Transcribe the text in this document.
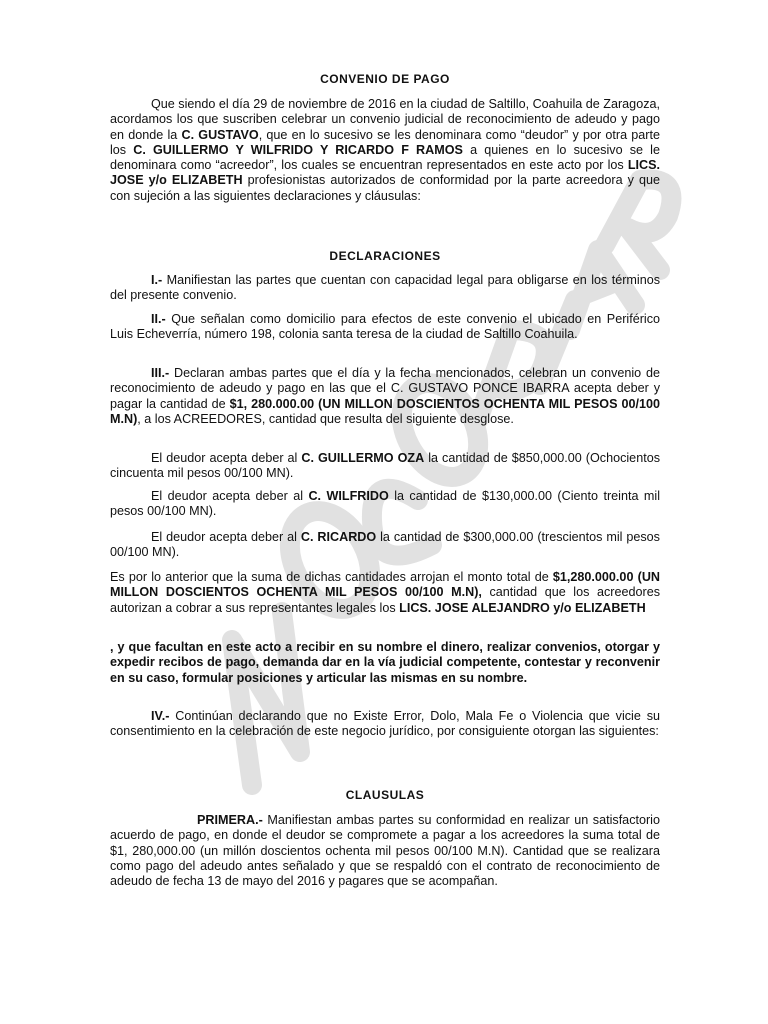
CONVENIO DE PAGO

Que siendo el día 29 de noviembre de 2016 en la ciudad de Saltillo, Coahuila de Zaragoza, acordamos los que suscriben celebrar un convenio judicial de reconocimiento de adeudo y pago en donde la C. GUSTAVO, que en lo sucesivo se les denominara como “deudor” y por otra parte los C. GUILLERMO Y WILFRIDO Y RICARDO F RAMOS a quienes en lo sucesivo se le denominara como “acreedor”, los cuales se encuentran representados en este acto por los LICS. JOSE y/o ELIZABETH profesionistas autorizados de conformidad por la parte acreedora y que con sujeción a las siguientes declaraciones y cláusulas:

DECLARACIONES

I.- Manifiestan las partes que cuentan con capacidad legal para obligarse en los términos del presente convenio.

II.- Que señalan como domicilio para efectos de este convenio el ubicado en Periférico Luis Echeverría, número 198, colonia santa teresa de la ciudad de Saltillo Coahuila.

III.- Declaran ambas partes que el día y la fecha mencionados, celebran un convenio de reconocimiento de adeudo y pago en las que el C. GUSTAVO PONCE IBARRA acepta deber y pagar la cantidad de $1, 280.000.00 (UN MILLON DOSCIENTOS OCHENTA MIL PESOS 00/100 M.N), a los ACREEDORES, cantidad que resulta del siguiente desglose.

El deudor acepta deber al C. GUILLERMO OZA la cantidad de $850,000.00 (Ochocientos cincuenta mil pesos 00/100 MN).

El deudor acepta deber al C. WILFRIDO la cantidad de $130,000.00 (Ciento treinta mil pesos 00/100 MN).

El deudor acepta deber al C. RICARDO la cantidad de $300,000.00 (trescientos mil pesos 00/100 MN).

Es por lo anterior que la suma de dichas cantidades arrojan el monto total de $1,280.000.00 (UN MILLON DOSCIENTOS OCHENTA MIL PESOS 00/100 M.N), cantidad que los acreedores autorizan a cobrar a sus representantes legales los LICS. JOSE ALEJANDRO y/o ELIZABETH

, y que facultan en este acto a recibir en su nombre el dinero, realizar convenios, otorgar y expedir recibos de pago, demanda dar en la vía judicial competente, contestar y reconvenir en su caso, formular posiciones y articular las mismas en su nombre.

IV.- Continúan declarando que no Existe Error, Dolo, Mala Fe o Violencia que vicie su consentimiento en la celebración de este negocio jurídico, por consiguiente otorgan las siguientes:

CLAUSULAS

PRIMERA.- Manifiestan ambas partes su conformidad en realizar un satisfactorio acuerdo de pago, en donde el deudor se compromete a pagar a los acreedores la suma total de $1, 280,000.00 (un millón doscientos ochenta mil pesos 00/100 M.N). Cantidad que se realizara como pago del adeudo antes señalado y que se respaldó con el contrato de reconocimiento de adeudo de fecha 13 de mayo del 2016 y pagares que se acompañan.
